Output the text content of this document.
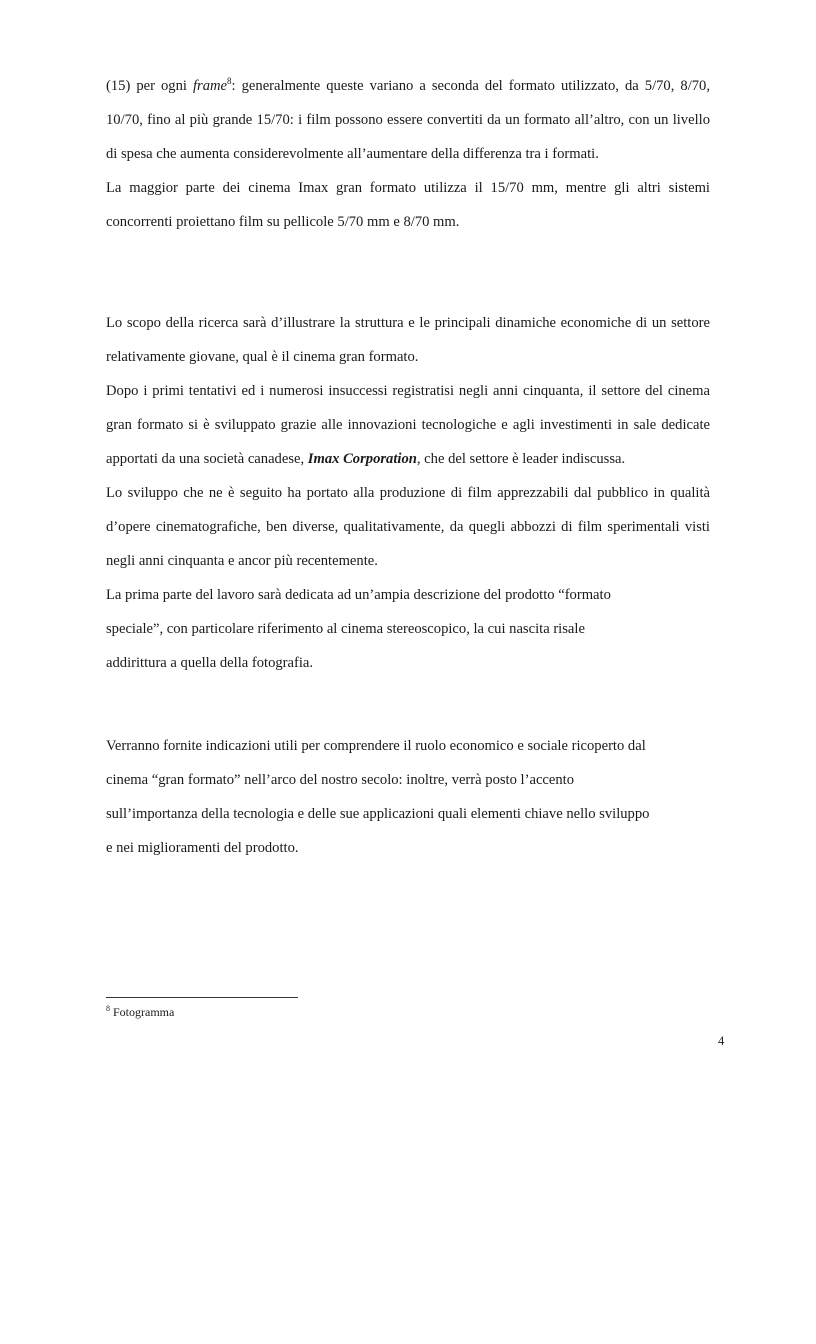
(15) per ogni frame$^8$: generalmente queste variano a seconda del formato utilizzato, da 5/70, 8/70, 10/70, fino al più grande 15/70: i film possono essere convertiti da un formato all’altro, con un livello di spesa che aumenta considerevolmente all’aumentare della differenza tra i formati.

La maggior parte dei cinema Imax gran formato utilizza il 15/70 mm, mentre gli altri sistemi concorrenti proiettano film su pellicole 5/70 mm e 8/70 mm.

Lo scopo della ricerca sarà d’illustrare la struttura e le principali dinamiche economiche di un settore relativamente giovane, qual è il cinema gran formato.

Dopo i primi tentativi ed i numerosi insuccessi registratisi negli anni cinquanta, il settore del cinema gran formato si è sviluppato grazie alle innovazioni tecnologiche e agli investimenti in sale dedicate apportati da una società canadese, Imax Corporation, che del settore è leader indiscussa.

Lo sviluppo che ne è seguito ha portato alla produzione di film apprezzabili dal pubblico in qualità d’opere cinematografiche, ben diverse, qualitativamente, da quegli abbozzi di film sperimentali visti negli anni cinquanta e ancor più recentemente.

La prima parte del lavoro sarà dedicata ad un’ampia descrizione del prodotto “formato
speciale”, con particolare riferimento al cinema stereoscopico, la cui nascita risale
addirittura a quella della fotografia.

Verranno fornite indicazioni utili per comprendere il ruolo economico e sociale ricoperto dal
cinema “gran formato” nell’arco del nostro secolo: inoltre, verrà posto l’accento
sull’importanza della tecnologia e delle sue applicazioni quali elementi chiave nello sviluppo
e nei miglioramenti del prodotto.

$^8$ Fotogramma
4
